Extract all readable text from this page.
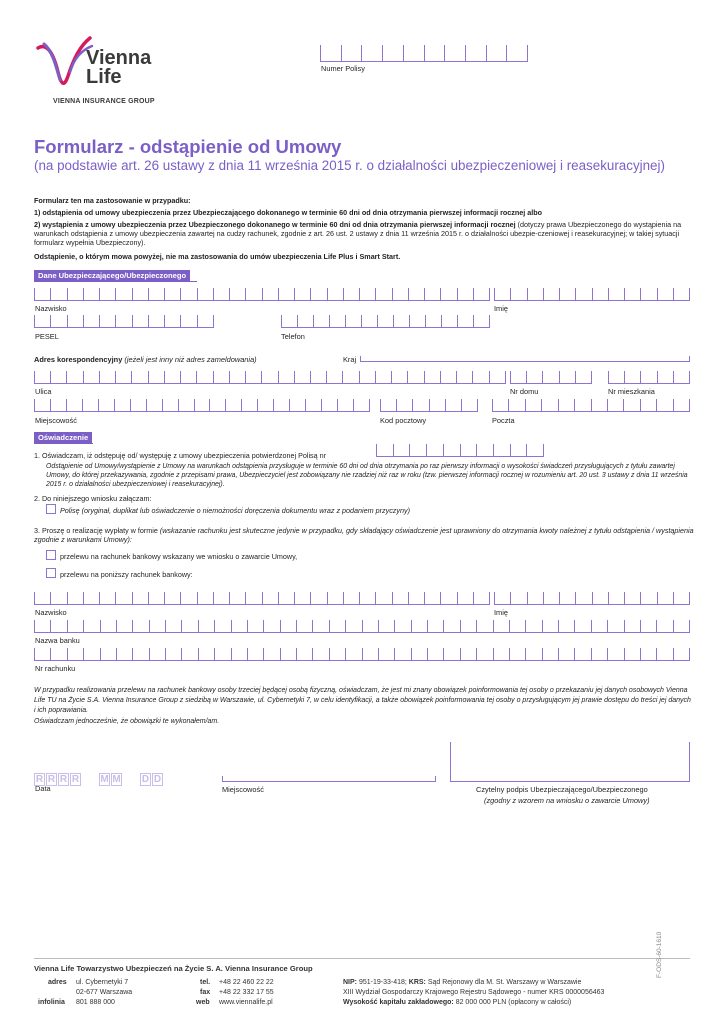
Vienna
Life
VIENNA INSURANCE GROUP
Numer Polisy
Formularz - odstąpienie od Umowy
(na podstawie art. 26 ustawy z dnia 11 września 2015 r. o działalności ubezpieczeniowej i reasekuracyjnej)
Formularz ten ma zastosowanie w przypadku:
1) odstąpienia od umowy ubezpieczenia przez Ubezpieczającego dokonanego w terminie 60 dni od dnia otrzymania pierwszej informacji rocznej albo
2) wystąpienia z umowy ubezpieczenia przez Ubezpieczonego dokonanego w terminie 60 dni od dnia otrzymania pierwszej informacji rocznej (dotyczy prawa Ubezpieczonego do wystąpienia na warunkach odstąpienia z umowy ubezpieczenia zawartej na cudzy rachunek, zgodnie z art. 26 ust. 2 ustawy z dnia 11 września 2015 r. o działalności ubezpie-czeniowej i reasekuracyjnej; w takiej sytuacji formularz wypełnia Ubezpieczony).
Odstąpienie, o którym mowa powyżej, nie ma zastosowania do umów ubezpieczenia Life Plus i Smart Start.
Dane Ubezpieczającego/Ubezpieczonego
Nazwisko	Imię
PESEL	Telefon
Adres korespondencyjny (jeżeli jest inny niż adres zameldowania)	Kraj
Ulica	Nr domu	Nr mieszkania
Miejscowość	Kod pocztowy	Poczta
Oświadczenie
1. Oświadczam, iż odstępuję od/ występuję z umowy ubezpieczenia potwierdzonej Polisą nr
Odstąpienie od Umowy/wystąpienie z Umowy na warunkach odstąpienia przysługuje w terminie 60 dni od dnia otrzymania po raz pierwszy informacji o wysokości świadczeń przysługujących z tytułu zawartej Umowy, do której przekazywania, zgodnie z przepisami prawa, Ubezpieczyciel jest zobowiązany nie rzadziej niż raz w roku (tzw. pierwszej informacji rocznej w rozumieniu art. 20 ust. 3 ustawy z dnia 11 września 2015 r. o działalności ubezpieczeniowej i reasekuracyjnej).
2. Do niniejszego wniosku załączam:
Polisę (oryginał, duplikat lub oświadczenie o niemożności doręczenia dokumentu wraz z podaniem przyczyny)
3. Proszę o realizację wypłaty w formie (wskazanie rachunku jest skuteczne jedynie w przypadku, gdy składający oświadczenie jest uprawniony do otrzymania kwoty należnej z tytułu odstąpienia / wystąpienia zgodnie z warunkami Umowy):
przelewu na rachunek bankowy wskazany we wniosku o zawarcie Umowy,
przelewu na poniższy rachunek bankowy:
Nazwisko	Imię
Nazwa banku
Nr rachunku
W przypadku realizowania przelewu na rachunek bankowy osoby trzeciej będącej osobą fizyczną, oświadczam, że jest mi znany obowiązek poinformowania tej osoby o przekazaniu jej danych osobowych Vienna Life TU na Życie S.A. Vienna Insurance Group z siedzibą w Warszawie, ul. Cybernetyki 7, w celu identyfikacji, a także obowiązek poinformowania tej osoby o przysługującym jej prawie dostępu do treści jej danych i ich poprawiania.
Oświadczam jednocześnie, że obowiązki te wykonałem/am.
R R R R M M D D
Data	Miejscowość	Czytelny podpis Ubezpieczającego/Ubezpieczonego
(zgodny z wzorem na wniosku o zawarcie Umowy)
Vienna Life Towarzystwo Ubezpieczeń na Życie S. A. Vienna Insurance Group
adres ul. Cybernetyki 7
02-677 Warszawa
infolinia 801 888 000
tel. +48 22 460 22 22
fax +48 22 332 17 55
web www.viennalife.pl
NIP: 951-19-33-418; KRS: Sąd Rejonowy dla M. St. Warszawy w Warszawie
XIII Wydział Gospodarczy Krajowego Rejestru Sądowego - numer KRS 0000056463
Wysokość kapitału zakładowego: 82 000 000 PLN (opłacony w całości)
F-ODS-60-1610
